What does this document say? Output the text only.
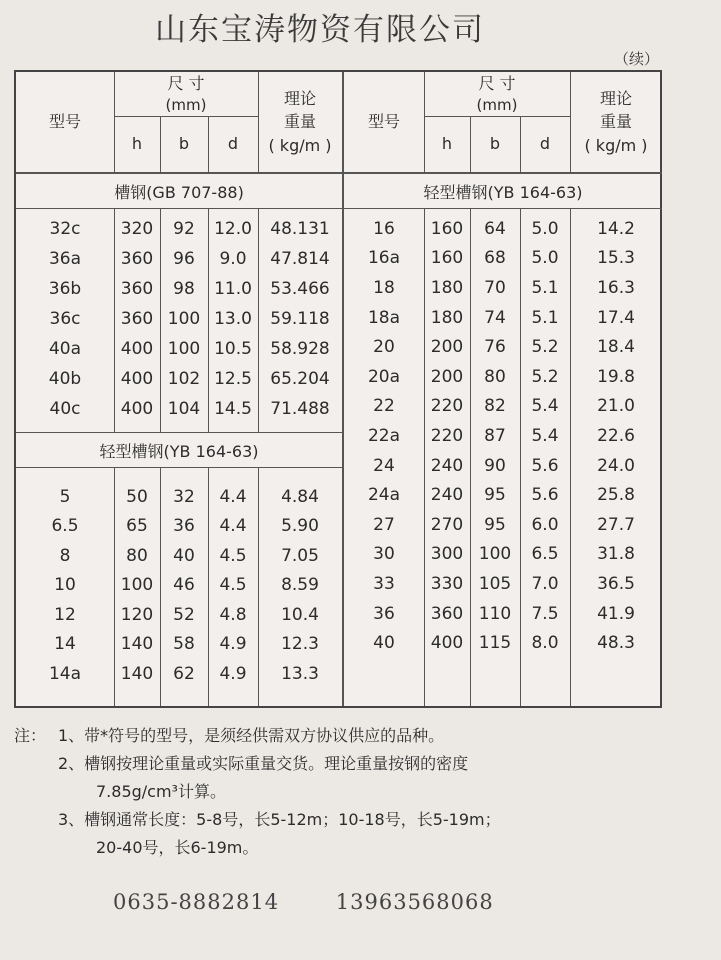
山东宝涛物资有限公司
（续）
型号
尺 寸
(mm)
h	b	d
理论
重量
( kg/m )
型号
尺 寸
(mm)
h	b	d
理论
重量
( kg/m )
槽钢(GB 707-88)	轻型槽钢(YB 164-63)
轻型槽钢(YB 164-63)
32c	320	92	12.0	48.131
36a	360	96	9.0	47.814
36b	360	98	11.0	53.466
36c	360 100 13.0	59.118
40a	400 100 10.5	58.928
40b	400 102 12.5	65.204
40c	400 104 14.5	71.488
5	50	32	4.4	4.84
6.5	65	36	4.4	5.90
8	80	40	4.5	7.05
10	100	46	4.5	8.59
12	120	52	4.8	10.4
14	140	58	4.9	12.3
14a	140	62	4.9	13.3
16	160	64	5.0	14.2
16a	160	68	5.0	15.3
18	180	70	5.1	16.3
18a	180	74	5.1	17.4
20	200	76	5.2	18.4
20a	200	80	5.2	19.8
22	220	82	5.4	21.0
22a	220	87	5.4	22.6
24	240	90	5.6	24.0
24a	240	95	5.6	25.8
27	270	95	6.0	27.7
30	300 100	6.5	31.8
33	330 105	7.0	36.5
36	360 110	7.5	41.9
40	400 115	8.0	48.3
注： 1、带*符号的型号，是须经供需双方协议供应的品种。
2、槽钢按理论重量或实际重量交货。理论重量按钢的密度
7.85g/cm³计算。
3、槽钢通常长度：5-8号，长5-12m；10-18号，长5-19m；
20-40号，长6-19m。
0635-8882814	13963568068
